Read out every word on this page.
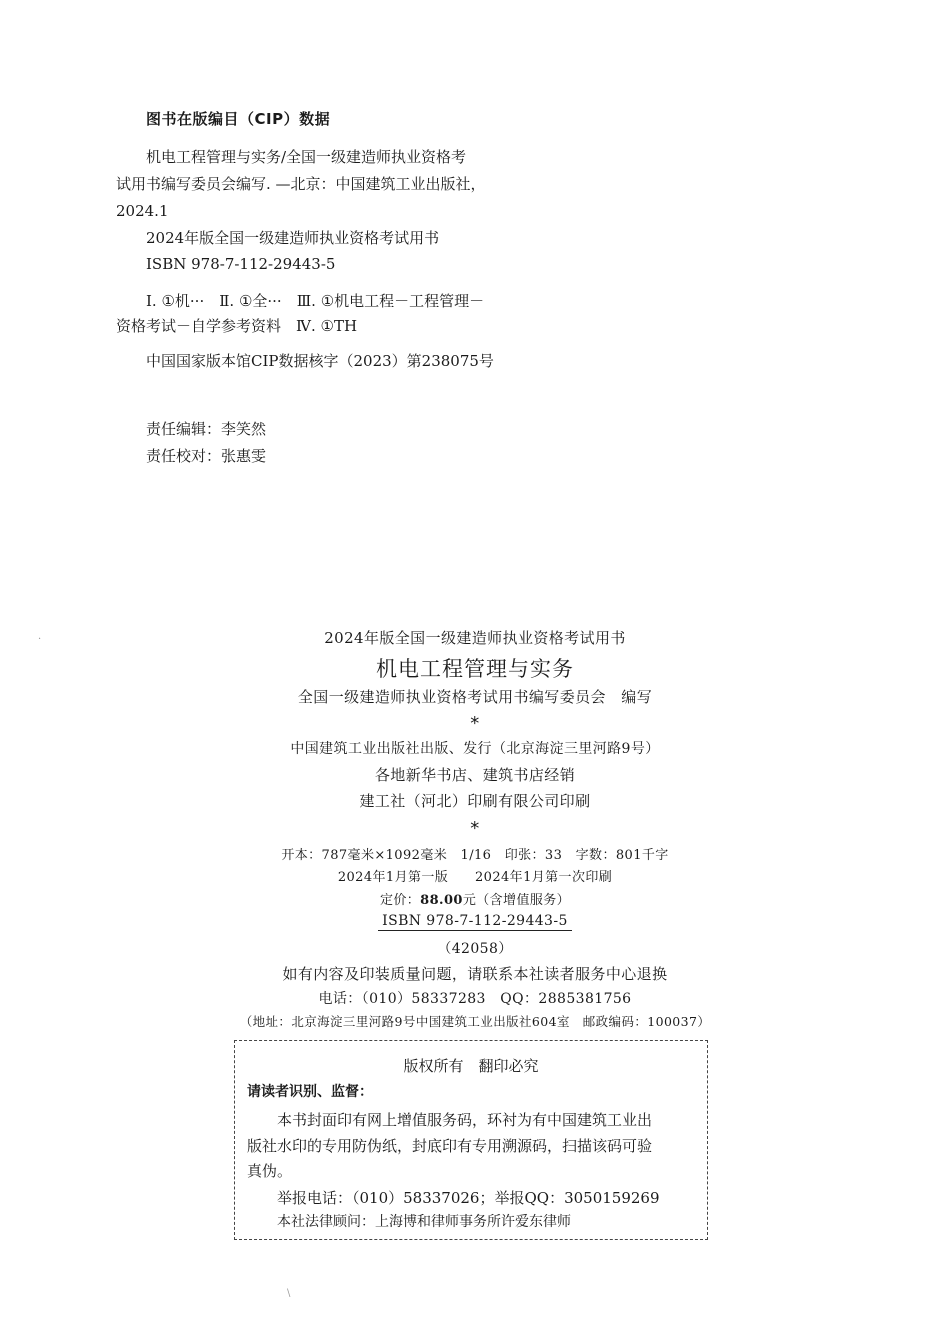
图书在版编目（CIP）数据
机电工程管理与实务/全国一级建造师执业资格考
试用书编写委员会编写. —北京：中国建筑工业出版社，
2024.1
2024年版全国一级建造师执业资格考试用书
ISBN 978-7-112-29443-5
Ⅰ. ①机···　Ⅱ. ①全···　Ⅲ. ①机电工程－工程管理－
资格考试－自学参考资料　Ⅳ. ①TH
中国国家版本馆CIP数据核字（2023）第238075号
责任编辑：李笑然
责任校对：张惠雯
2024年版全国一级建造师执业资格考试用书
机电工程管理与实务
全国一级建造师执业资格考试用书编写委员会　编写
*
中国建筑工业出版社出版、发行（北京海淀三里河路9号）
各地新华书店、建筑书店经销
建工社（河北）印刷有限公司印刷
*
开本：787毫米×1092毫米　1/16　印张：33　字数：801千字
2024年1月第一版　　2024年1月第一次印刷
定价：88.00元（含增值服务）
ISBN 978-7-112-29443-5
（42058）
如有内容及印装质量问题，请联系本社读者服务中心退换
电话：（010）58337283　QQ：2885381756
（地址：北京海淀三里河路9号中国建筑工业出版社604室　邮政编码：100037）
版权所有　翻印必究
请读者识别、监督：
本书封面印有网上增值服务码，环衬为有中国建筑工业出
版社水印的专用防伪纸，封底印有专用溯源码，扫描该码可验
真伪。
举报电话：（010）58337026；举报QQ：3050159269
本社法律顾问：上海博和律师事务所许爱东律师
·
\
